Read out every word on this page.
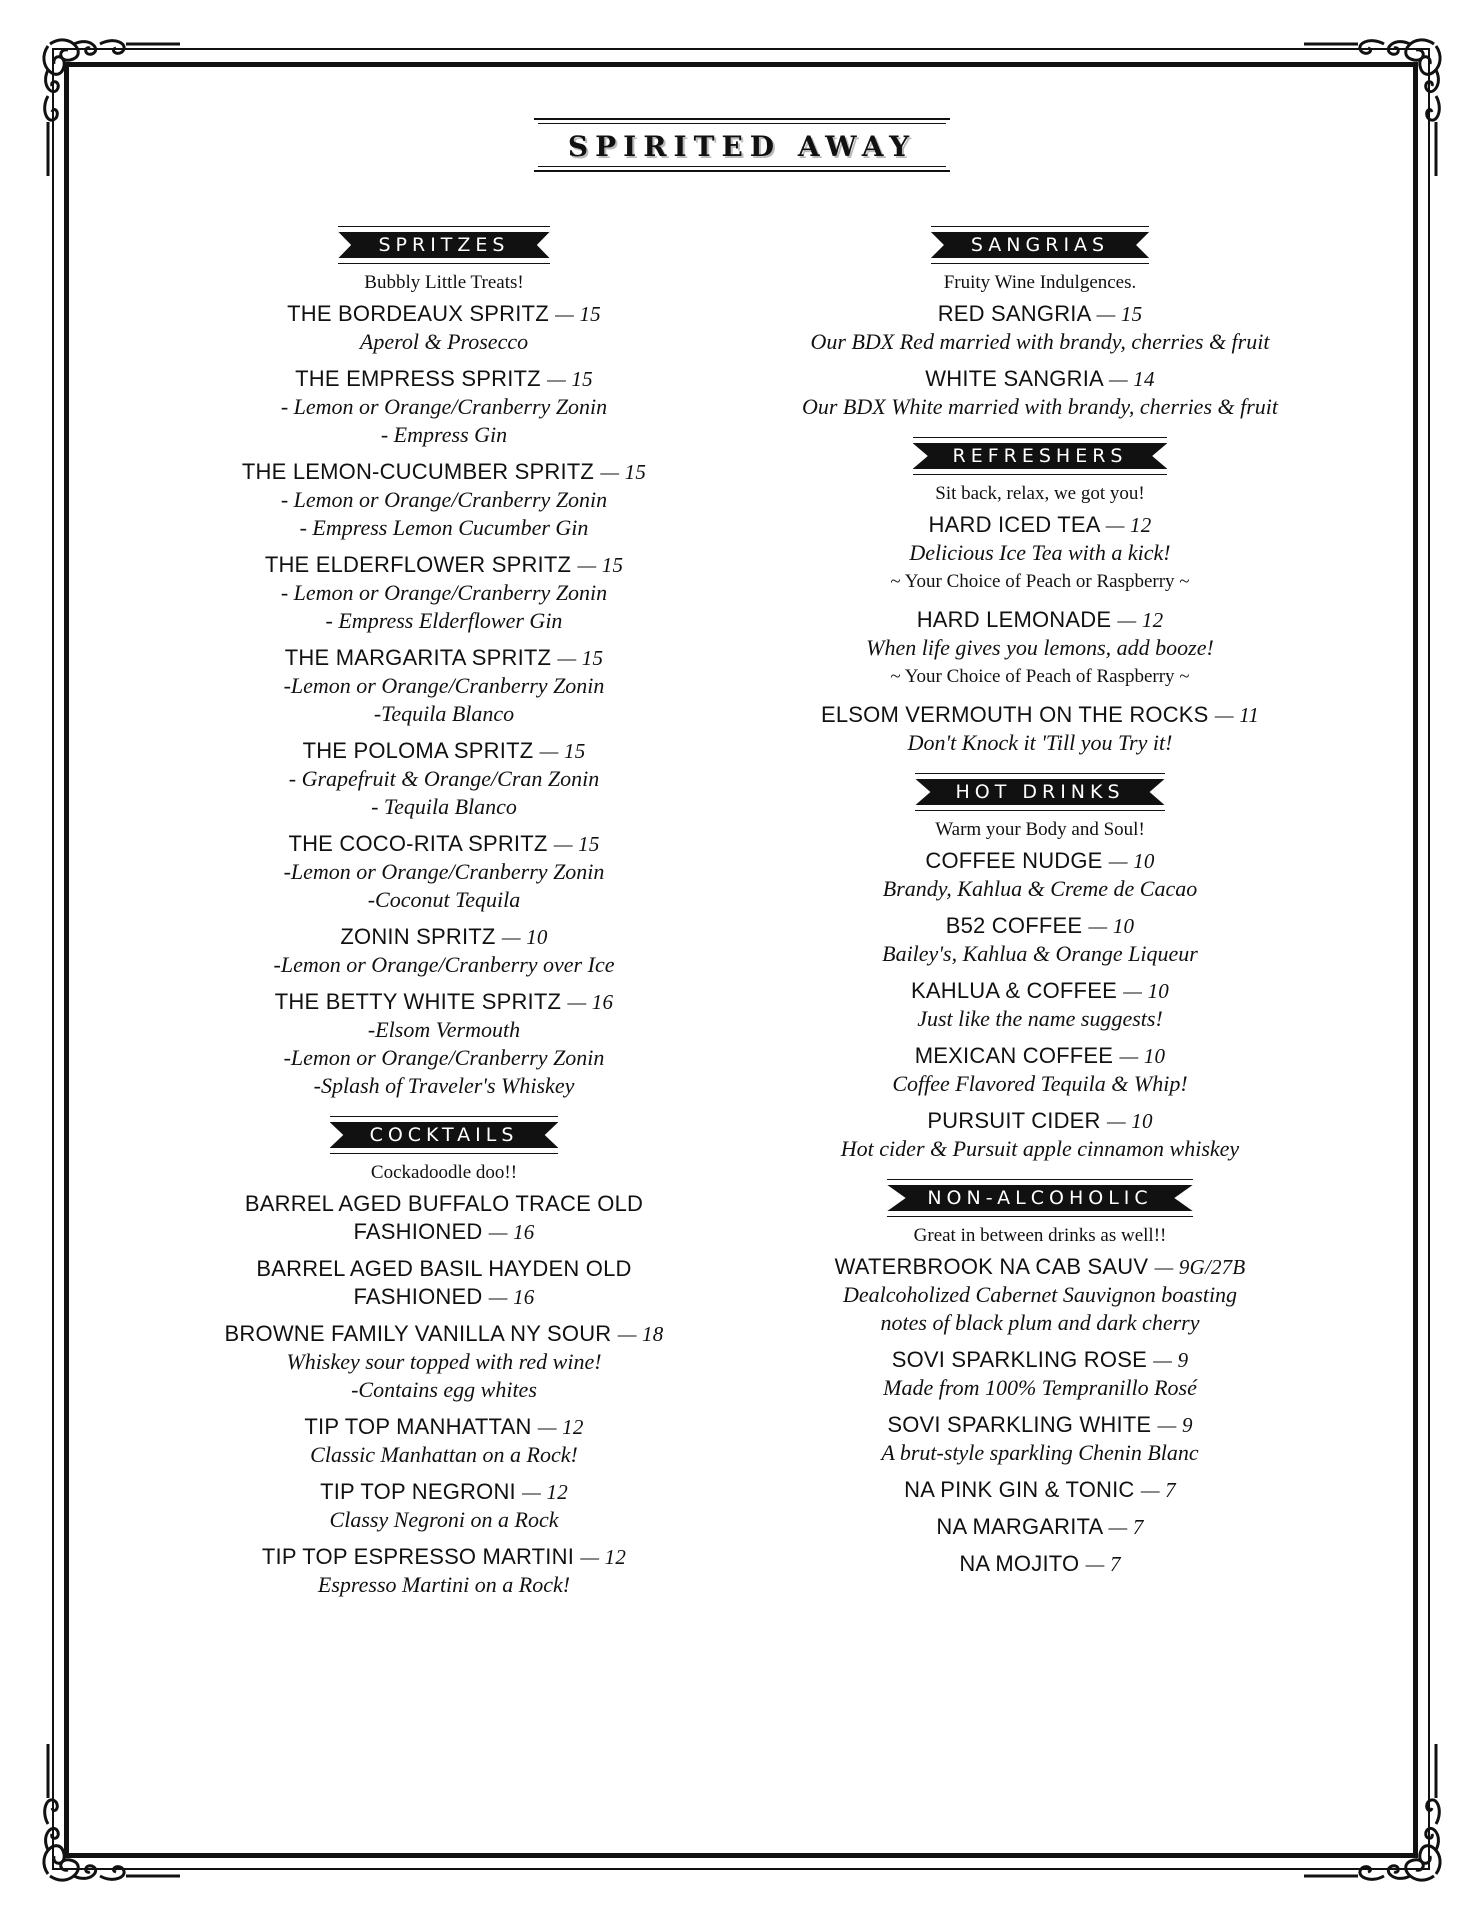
SPIRITED AWAY
SPRITZES
Bubbly Little Treats!
THE BORDEAUX SPRITZ — 15
Aperol & Prosecco
THE EMPRESS SPRITZ — 15
- Lemon or Orange/Cranberry Zonin
- Empress Gin
THE LEMON-CUCUMBER SPRITZ — 15
- Lemon or Orange/Cranberry Zonin
- Empress Lemon Cucumber Gin
THE ELDERFLOWER SPRITZ — 15
- Lemon or Orange/Cranberry Zonin
- Empress Elderflower Gin
THE MARGARITA SPRITZ — 15
-Lemon or Orange/Cranberry Zonin
-Tequila Blanco
THE POLOMA SPRITZ — 15
- Grapefruit & Orange/Cran Zonin
- Tequila Blanco
THE COCO-RITA SPRITZ — 15
-Lemon or Orange/Cranberry Zonin
-Coconut Tequila
ZONIN SPRITZ — 10
-Lemon or Orange/Cranberry over Ice
THE BETTY WHITE SPRITZ — 16
-Elsom Vermouth
-Lemon or Orange/Cranberry Zonin
-Splash of Traveler's Whiskey
COCKTAILS
Cockadoodle doo!!
BARREL AGED BUFFALO TRACE OLD FASHIONED — 16
BARREL AGED BASIL HAYDEN OLD FASHIONED — 16
BROWNE FAMILY VANILLA NY SOUR — 18
Whiskey sour topped with red wine!
-Contains egg whites
TIP TOP MANHATTAN — 12
Classic Manhattan on a Rock!
TIP TOP NEGRONI — 12
Classy Negroni on a Rock
TIP TOP ESPRESSO MARTINI — 12
Espresso Martini on a Rock!
SANGRIAS
Fruity Wine Indulgences.
RED SANGRIA — 15
Our BDX Red married with brandy, cherries & fruit
WHITE SANGRIA — 14
Our BDX White married with brandy, cherries & fruit
REFRESHERS
Sit back, relax, we got you!
HARD ICED TEA — 12
Delicious Ice Tea with a kick!
~ Your Choice of Peach or Raspberry ~
HARD LEMONADE — 12
When life gives you lemons, add booze!
~ Your Choice of Peach of Raspberry ~
ELSOM VERMOUTH ON THE ROCKS — 11
Don't Knock it 'Till you Try it!
HOT DRINKS
Warm your Body and Soul!
COFFEE NUDGE — 10
Brandy, Kahlua & Creme de Cacao
B52 COFFEE — 10
Bailey's, Kahlua & Orange Liqueur
KAHLUA & COFFEE — 10
Just like the name suggests!
MEXICAN COFFEE — 10
Coffee Flavored Tequila & Whip!
PURSUIT CIDER — 10
Hot cider & Pursuit apple cinnamon whiskey
NON-ALCOHOLIC
Great in between drinks as well!!
WATERBROOK NA CAB SAUV — 9G/27B
Dealcoholized Cabernet Sauvignon boasting
notes of black plum and dark cherry
SOVI SPARKLING ROSE — 9
Made from 100% Tempranillo Rosé
SOVI SPARKLING WHITE — 9
A brut-style sparkling Chenin Blanc
NA PINK GIN & TONIC — 7
NA MARGARITA — 7
NA MOJITO — 7
